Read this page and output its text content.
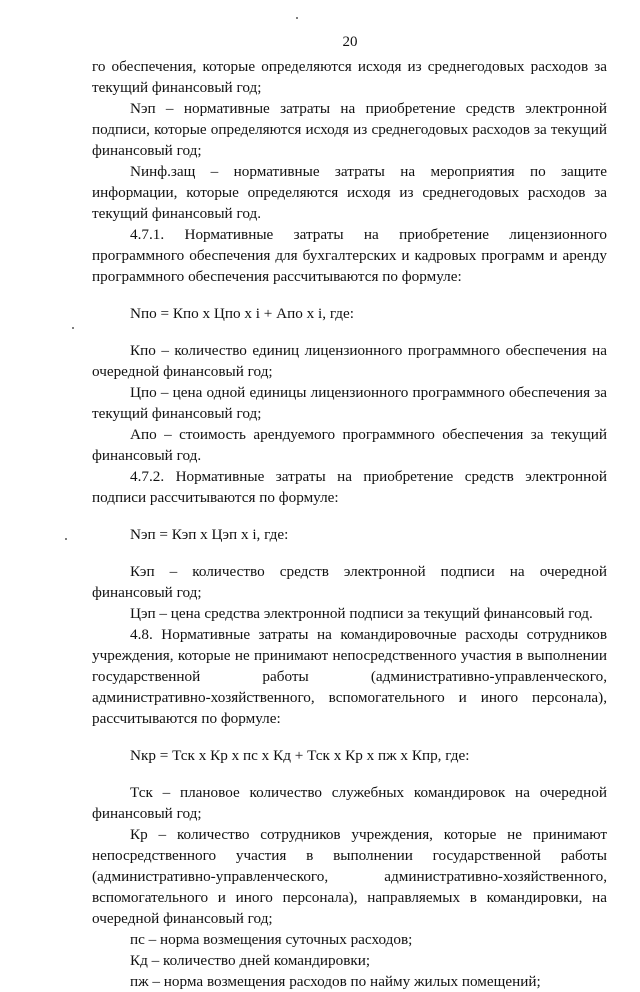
20

го обеспечения, которые определяются исходя из среднегодовых расходов за текущий финансовый год;

Nэп – нормативные затраты на приобретение средств электронной подписи, которые определяются исходя из среднегодовых расходов за текущий финансовый год;

Nинф.защ – нормативные затраты на мероприятия по защите информации, которые определяются исходя из среднегодовых расходов за текущий финансовый год.

4.7.1. Нормативные затраты на приобретение лицензионного программного обеспечения для бухгалтерских и кадровых программ и аренду программного обеспечения рассчитываются по формуле:

Nпо = Кпо x Цпо x i + Апо x i, где:

Кпо – количество единиц лицензионного программного обеспечения на очередной финансовый год;

Цпо – цена одной единицы лицензионного программного обеспечения за текущий финансовый год;

Апо – стоимость арендуемого программного обеспечения за текущий финансовый год.

4.7.2. Нормативные затраты на приобретение средств электронной подписи рассчитываются по формуле:

Nэп = Кэп x Цэп x i, где:

Кэп – количество средств электронной подписи на очередной финансовый год;

Цэп – цена средства электронной подписи за текущий финансовый год.

4.8. Нормативные затраты на командировочные расходы сотрудников учреждения, которые не принимают непосредственного участия в выполнении государственной работы (административно-управленческого, административно-хозяйственного, вспомогательного и иного персонала), рассчитываются по формуле:

Nкр = Тск x Кр x пс x Кд + Тск x Кр x пж x Кпр, где:

Тск – плановое количество служебных командировок на очередной финансовый год;

Кр – количество сотрудников учреждения, которые не принимают непосредственного участия в выполнении государственной работы (административно-управленческого, административно-хозяйственного, вспомогательного и иного персонала), направляемых в командировки, на очередной финансовый год;

пс – норма возмещения суточных расходов;

Кд – количество дней командировки;

пж – норма возмещения расходов по найму жилых помещений;
